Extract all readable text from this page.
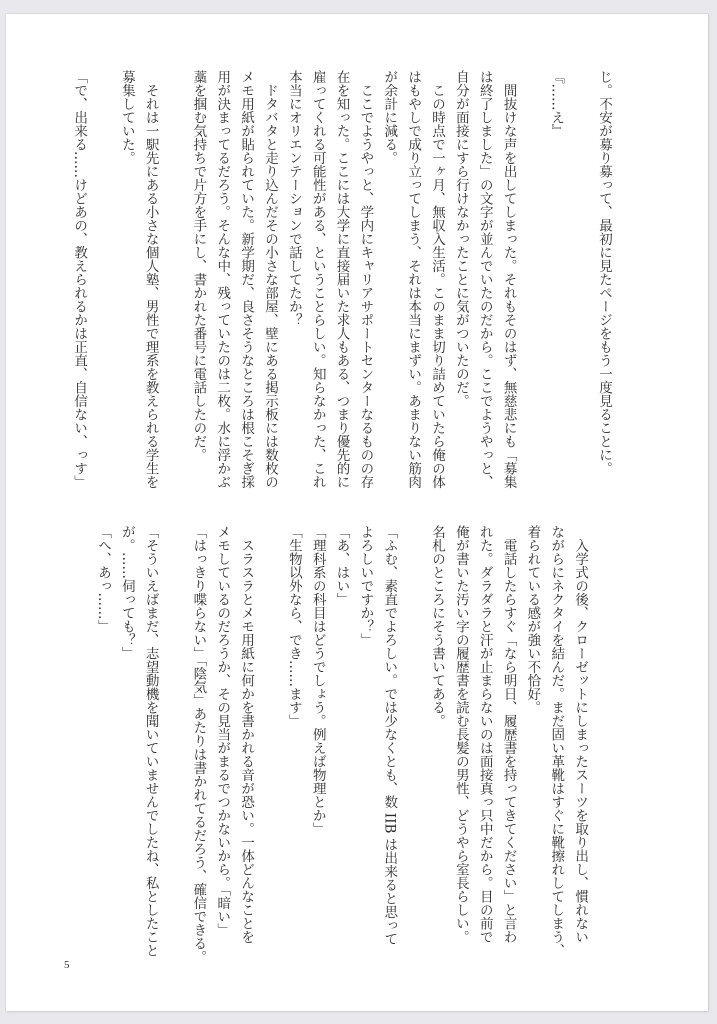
じ。不安が募り募って、最初に見たページをもう一度見ることに。
『……え』
　間抜けな声を出してしまった。それもそのはず、無慈悲にも「募集
は終了しました」の文字が並んでいたのだから。ここでようやっと、
自分が面接にすら行けなかったことに気がついたのだ。
　この時点で一ヶ月、無収入生活。このまま切り詰めていたら俺の体
はもやしで成り立ってしまう、それは本当にまずい。あまりない筋肉
が余計に減る。
　ここでようやっと、学内にキャリアサポートセンターなるものの存
在を知った。ここには大学に直接届いた求人もある、つまり優先的に
雇ってくれる可能性がある、ということらしい。知らなかった、これ
本当にオリエンテーションで話してたか？
　ドタバタと走り込んだその小さな部屋、壁にある掲示板には数枚の
メモ用紙が貼られていた。新学期だ、良さそうなところは根こそぎ採
用が決まってるだろう。そんな中、残っていたのは二枚。水に浮かぶ
藁を掴む気持ちで片方を手にし、書かれた番号に電話したのだ。
　それは一駅先にある小さな個人塾、男性で理系を教えられる学生を
募集していた。
「で、出来る……けどあの、教えられるかは正直、自信ない、っす」
　入学式の後、クローゼットにしまったスーツを取り出し、慣れない
ながらにネクタイを結んだ。まだ固い革靴はすぐに靴擦れしてしまう、
着られている感が強い不恰好。
　電話したらすぐ「なら明日、履歴書を持ってきてください」と言わ
れた。ダラダラと汗が止まらないのは面接真っ只中だから。目の前で
俺が書いた汚い字の履歴書を読む長髪の男性、どうやら室長らしい。
名札のところにそう書いてある。
「ふむ、素直でよろしい。では少なくとも、数 IIB は出来ると思って
よろしいですか？」
「あ、はい」
「理科系の科目はどうでしょう。例えば物理とか」
「生物以外なら、でき……ます」
　スラスラとメモ用紙に何かを書かれる音が恐い。一体どんなことを
メモしているのだろうか、その見当がまるでつかないから。「暗い」
「はっきり喋らない」「陰気」あたりは書かれてるだろう、確信できる。
「そういえばまだ、志望動機を聞いていませんでしたね、私としたこと
が。……伺っても？」
「へ、あっ……」
5
